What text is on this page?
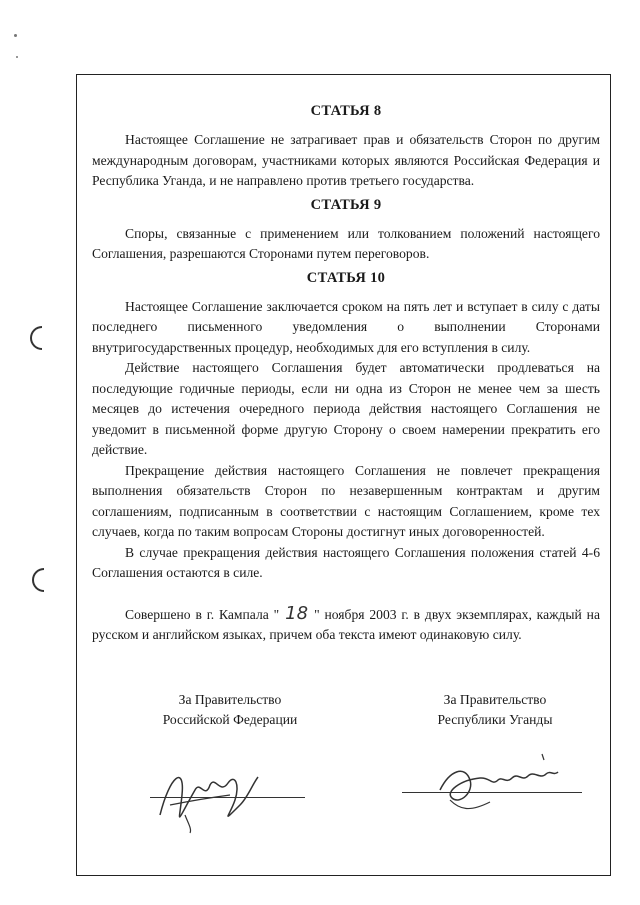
СТАТЬЯ 8

Настоящее Соглашение не затрагивает прав и обязательств Сторон по другим международным договорам, участниками которых являются Российская Федерация и Республика Уганда, и не направлено против третьего государства.

СТАТЬЯ 9

Споры, связанные с применением или толкованием положений настоящего Соглашения, разрешаются Сторонами путем переговоров.

СТАТЬЯ 10

Настоящее Соглашение заключается сроком на пять лет и вступает в силу с даты последнего письменного уведомления о выполнении Сторонами внутригосударственных процедур, необходимых для его вступления в силу.

Действие настоящего Соглашения будет автоматически продлеваться на последующие годичные периоды, если ни одна из Сторон не менее чем за шесть месяцев до истечения очередного периода действия настоящего Соглашения не уведомит в письменной форме другую Сторону о своем намерении прекратить его действие.

Прекращение действия настоящего Соглашения не повлечет прекращения выполнения обязательств Сторон по незавершенным контрактам и другим соглашениям, подписанным в соответствии с настоящим Соглашением, кроме тех случаев, когда по таким вопросам Стороны достигнут иных договоренностей.

В случае прекращения действия настоящего Соглашения положения статей 4-6 Соглашения остаются в силе.

Совершено в г. Кампала " 18 " ноября 2003 г. в двух экземплярах, каждый на русском и английском языках, причем оба текста имеют одинаковую силу.

За Правительство
Российской Федерации
За Правительство
Республики Уганды
